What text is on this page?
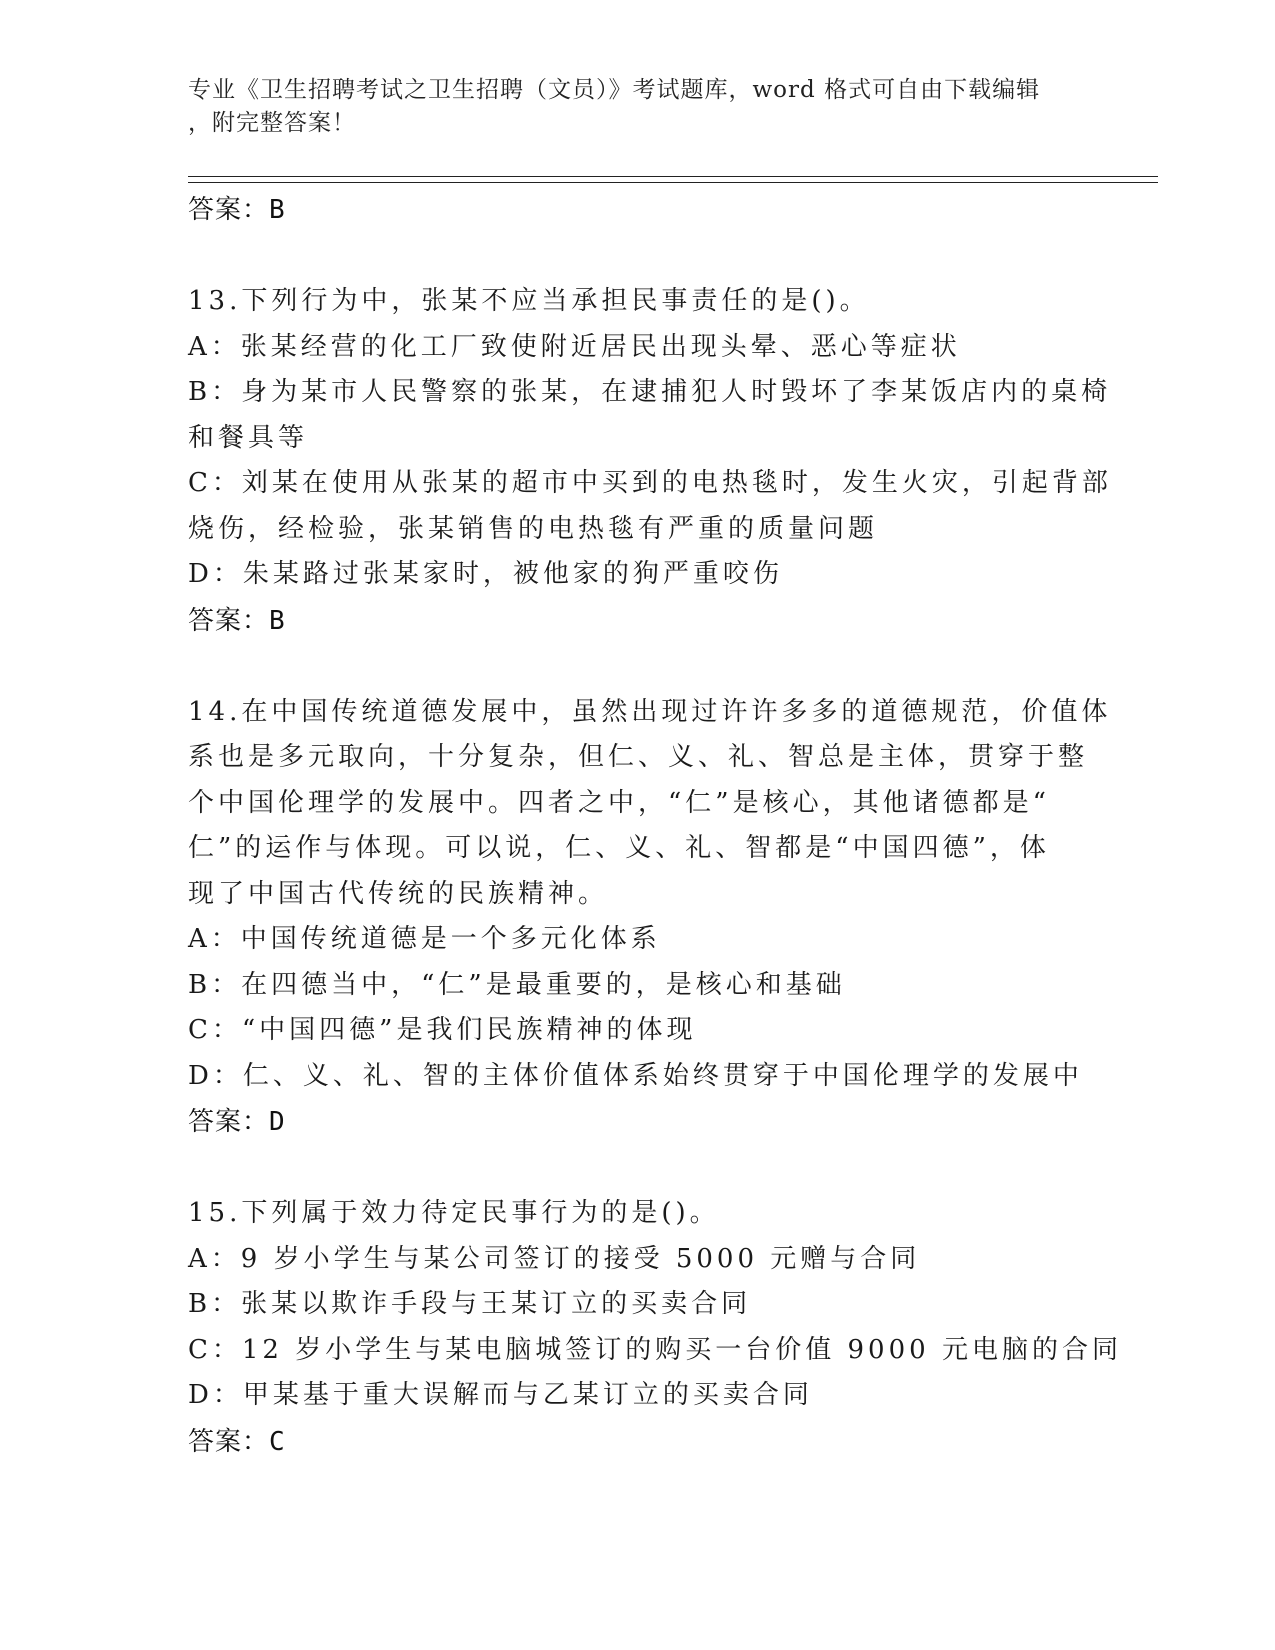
专业《卫生招聘考试之卫生招聘（文员）》考试题库，word 格式可自由下载编辑
，附完整答案！
答案：B
13.下列行为中，张某不应当承担民事责任的是()。
A：张某经营的化工厂致使附近居民出现头晕、恶心等症状
B：身为某市人民警察的张某，在逮捕犯人时毁坏了李某饭店内的桌椅
和餐具等
C：刘某在使用从张某的超市中买到的电热毯时，发生火灾，引起背部
烧伤，经检验，张某销售的电热毯有严重的质量问题
D：朱某路过张某家时，被他家的狗严重咬伤
答案：B
14.在中国传统道德发展中，虽然出现过许许多多的道德规范，价值体
系也是多元取向，十分复杂，但仁、义、礼、智总是主体，贯穿于整
个中国伦理学的发展中。四者之中，“仁”是核心，其他诸德都是“
仁”的运作与体现。可以说，仁、义、礼、智都是“中国四德”，体
现了中国古代传统的民族精神。
A：中国传统道德是一个多元化体系
B：在四德当中，“仁”是最重要的，是核心和基础
C：“中国四德”是我们民族精神的体现
D：仁、义、礼、智的主体价值体系始终贯穿于中国伦理学的发展中
答案：D
15.下列属于效力待定民事行为的是()。
A：9 岁小学生与某公司签订的接受 5000 元赠与合同
B：张某以欺诈手段与王某订立的买卖合同
C：12 岁小学生与某电脑城签订的购买一台价值 9000 元电脑的合同
D：甲某基于重大误解而与乙某订立的买卖合同
答案：C
